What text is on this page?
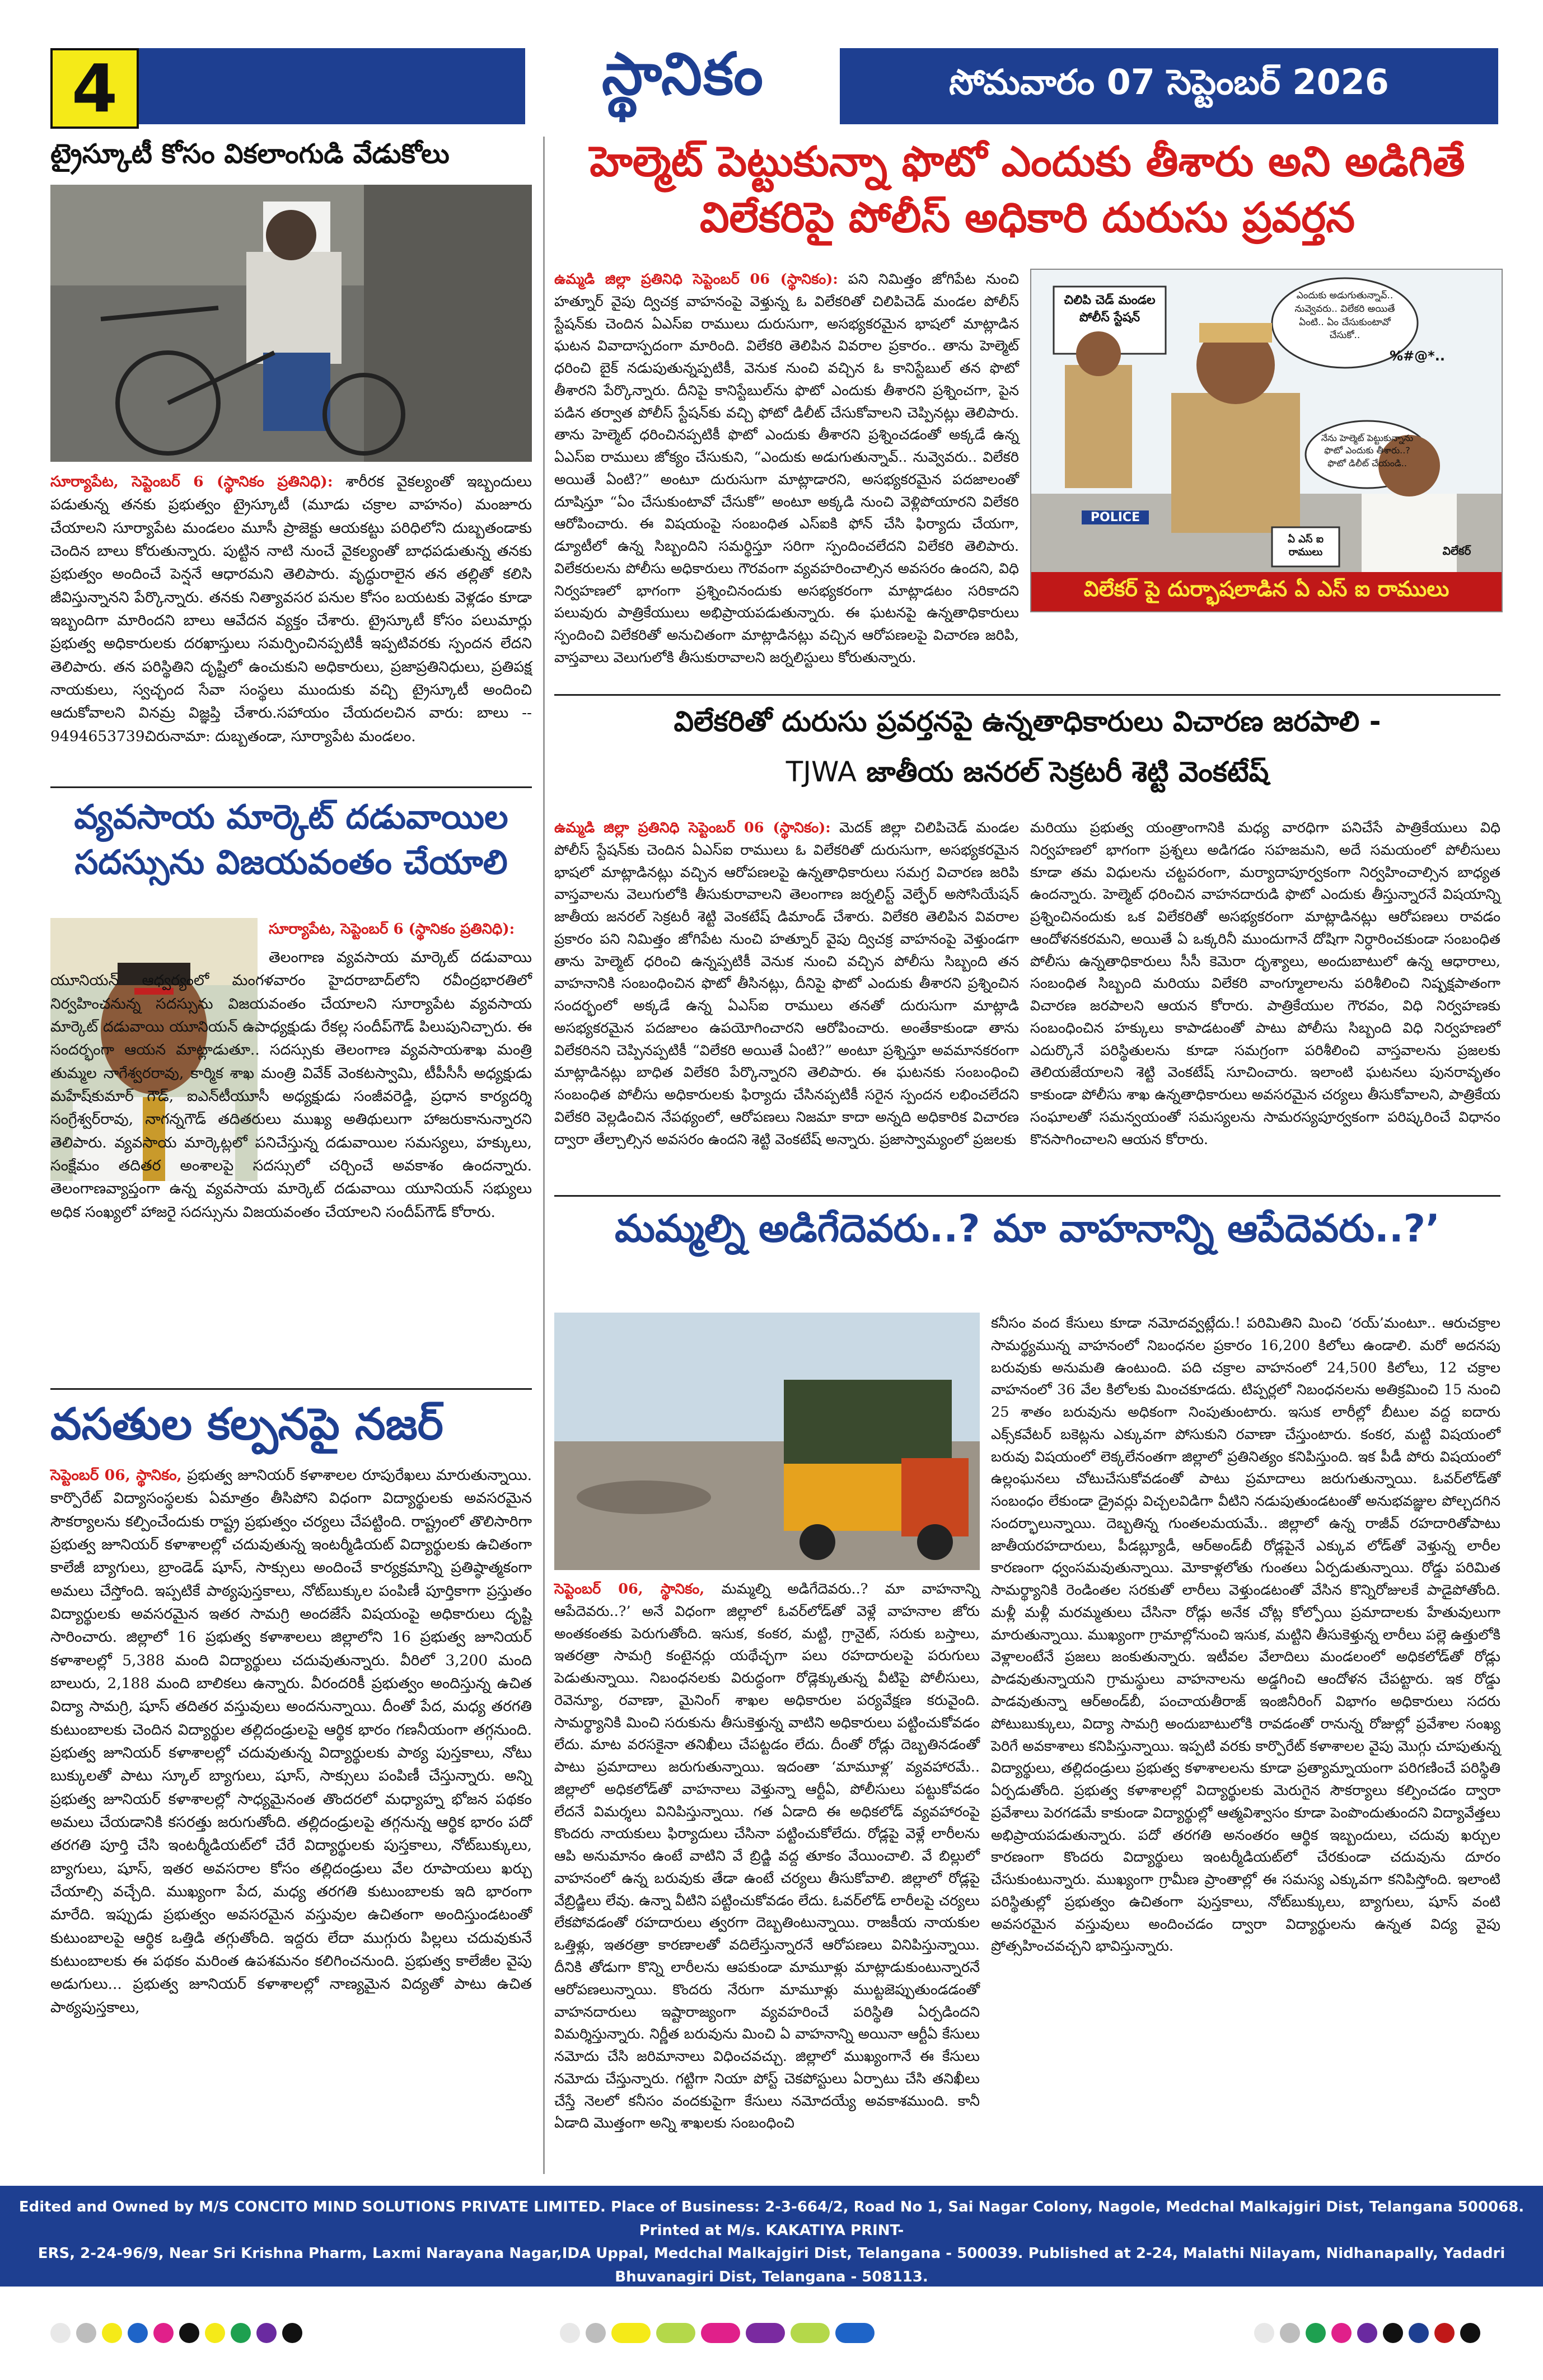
4	స్థానికం	సోమవారం 07 సెప్టెంబర్ 2026
ట్రైస్కూటీ కోసం వికలాంగుడి వేడుకోలు
సూర్యాపేట, సెప్టెంబర్ 6 (స్థానికం ప్రతినిధి): శారీరక వైకల్యంతో ఇబ్బందులు పడుతున్న తనకు ప్రభుత్వం ట్రైస్కూటీ (మూడు చక్రాల వాహనం) మంజూరు చేయాలని సూర్యాపేట మండలం మూసీ ప్రాజెక్టు ఆయకట్టు పరిధిలోని దుబ్బతండాకు చెందిన బాలు కోరుతున్నారు. పుట్టిన నాటి నుంచే వైకల్యంతో బాధపడుతున్న తనకు ప్రభుత్వం అందించే పెన్షనే ఆధారమని తెలిపారు. వృద్ధురాలైన తన తల్లితో కలిసి జీవిస్తున్నానని పేర్కొన్నారు. తనకు నిత్యావసర పనుల కోసం బయటకు వెళ్లడం కూడా ఇబ్బందిగా మారిందని బాలు ఆవేదన వ్యక్తం చేశారు. ట్రైస్కూటీ కోసం పలుమార్లు ప్రభుత్వ అధికారులకు దరఖాస్తులు సమర్పించినప్పటికీ ఇప్పటివరకు స్పందన లేదని తెలిపారు. తన పరిస్థితిని దృష్టిలో ఉంచుకుని అధికారులు, ప్రజాప్రతినిధులు, ప్రతిపక్ష నాయకులు, స్వచ్ఛంద సేవా సంస్థలు ముందుకు వచ్చి ట్రైస్కూటీ అందించి ఆదుకోవాలని వినమ్ర విజ్ఞప్తి చేశారు.సహాయం చేయదలచిన వారు: బాలు -- 9494653739చిరునామా: దుబ్బతండా, సూర్యాపేట మండలం.
వ్యవసాయ మార్కెట్ దడువాయిల సదస్సును విజయవంతం చేయాలి
సూర్యాపేట, సెప్టెంబర్ 6 (స్థానికం ప్రతినిధి):
తెలంగాణ వ్యవసాయ మార్కెట్ దడువాయి యూనియన్ ఆధ్వర్యంలో మంగళవారం హైదరాబాద్‌లోని రవీంద్రభారతిలో నిర్వహించనున్న సదస్సును విజయవంతం చేయాలని సూర్యాపేట వ్యవసాయ మార్కెట్ దడువాయి యూనియన్ ఉపాధ్యక్షుడు రేకల్ల సందీప్‌గౌడ్ పిలుపునిచ్చారు. ఈ సందర్భంగా ఆయన మాట్లాడుతూ.. సదస్సుకు తెలంగాణ వ్యవసాయశాఖ మంత్రి తుమ్మల నాగేశ్వరరావు, కార్మిక శాఖ మంత్రి వివేక్ వెంకటస్వామి, టీపీసీసీ అధ్యక్షుడు మహేష్‌కుమార్ గౌడ్, ఐఎన్‌టీయూసీ అధ్యక్షుడు సంజీవరెడ్డి, ప్రధాన కార్యదర్శి సంగ్రేశ్వర్‌రావు, నాగన్నగౌడ్ తదితరులు ముఖ్య అతిథులుగా హాజరుకానున్నారని తెలిపారు. వ్యవసాయ మార్కెట్లలో పనిచేస్తున్న దడువాయిల సమస్యలు, హక్కులు, సంక్షేమం తదితర అంశాలపై సదస్సులో చర్చించే అవకాశం ఉందన్నారు. తెలంగాణవ్యాప్తంగా ఉన్న వ్యవసాయ మార్కెట్ దడువాయి యూనియన్ సభ్యులు అధిక సంఖ్యలో హాజరై సదస్సును విజయవంతం చేయాలని సందీప్‌గౌడ్ కోరారు.
వసతుల కల్పనపై నజర్
సెప్టెంబర్ 06, స్థానికం, ప్రభుత్వ జూనియర్ కళాశాలల రూపురేఖలు మారుతున్నాయి. కార్పొరేట్ విద్యాసంస్థలకు ఏమాత్రం తీసిపోని విధంగా విద్యార్థులకు అవసరమైన సౌకర్యాలను కల్పించేందుకు రాష్ట్ర ప్రభుత్వం చర్యలు చేపట్టింది. రాష్ట్రంలో తొలిసారిగా ప్రభుత్వ జూనియర్ కళాశాలల్లో చదువుతున్న ఇంటర్మీడియట్ విద్యార్థులకు ఉచితంగా కాలేజీ బ్యాగులు, బ్రాండెడ్ షూస్, సాక్సులు అందించే కార్యక్రమాన్ని ప్రతిష్ఠాత్మకంగా అమలు చేస్తోంది. ఇప్పటికే పాఠ్యపుస్తకాలు, నోట్‌బుక్కుల పంపిణీ పూర్తికాగా ప్రస్తుతం విద్యార్థులకు అవసరమైన ఇతర సామగ్రి అందజేసే విషయంపై అధికారులు దృష్టి సారించారు. జిల్లాలో 16 ప్రభుత్వ కళాశాలలు జిల్లాలోని 16 ప్రభుత్వ జూనియర్ కళాశాలల్లో 5,388 మంది విద్యార్థులు చదువుతున్నారు. వీరిలో 3,200 మంది బాలురు, 2,188 మంది బాలికలు ఉన్నారు. వీరందరికీ ప్రభుత్వం అందిస్తున్న ఉచిత విద్యా సామగ్రి, షూస్ తదితర వస్తువులు అందనున్నాయి. దీంతో పేద, మధ్య తరగతి కుటుంబాలకు చెందిన విద్యార్థుల తల్లిదండ్రులపై ఆర్థిక భారం గణనీయంగా తగ్గనుంది. ప్రభుత్వ జూనియర్ కళాశాలల్లో చదువుతున్న విద్యార్థులకు పాఠ్య పుస్తకాలు, నోటు బుక్కులతో పాటు స్కూల్ బ్యాగులు, షూస్, సాక్సులు పంపిణీ చేస్తున్నారు. అన్ని ప్రభుత్వ జూనియర్ కళాశాలల్లో సాధ్యమైనంత తొందరలో మధ్యాహ్న భోజన పథకం అమలు చేయడానికి కసరత్తు జరుగుతోంది. తల్లిదండ్రులపై తగ్గనున్న ఆర్థిక భారం పదో తరగతి పూర్తి చేసి ఇంటర్మీడియట్‌లో చేరే విద్యార్థులకు పుస్తకాలు, నోట్‌బుక్కులు, బ్యాగులు, షూస్, ఇతర అవసరాల కోసం తల్లిదండ్రులు వేల రూపాయలు ఖర్చు చేయాల్సి వచ్చేది. ముఖ్యంగా పేద, మధ్య తరగతి కుటుంబాలకు ఇది భారంగా మారేది. ఇప్పుడు ప్రభుత్వం అవసరమైన వస్తువుల ఉచితంగా అందిస్తుండటంతో కుటుంబాలపై ఆర్థిక ఒత్తిడి తగ్గుతోంది. ఇద్దరు లేదా ముగ్గురు పిల్లలు చదువుకునే కుటుంబాలకు ఈ పథకం మరింత ఉపశమనం కలిగించనుంది. ప్రభుత్వ కాలేజీల వైపు అడుగులు... ప్రభుత్వ జూనియర్ కళాశాలల్లో నాణ్యమైన విద్యతో పాటు ఉచిత పాఠ్యపుస్తకాలు,
హెల్మెట్ పెట్టుకున్నా ఫొటో ఎందుకు తీశారు అని అడిగితే విలేకరిపై పోలీస్ అధికారి దురుసు ప్రవర్తన
ఉమ్మడి జిల్లా ప్రతినిధి సెప్టెంబర్ 06 (స్థానికం): పని నిమిత్తం జోగిపేట నుంచి హత్నూర్ వైపు ద్విచక్ర వాహనంపై వెళ్తున్న ఓ విలేకరితో చిలిపిచెడ్ మండల పోలీస్ స్టేషన్‌కు చెందిన ఏఎస్ఐ రాములు దురుసుగా, అసభ్యకరమైన భాషలో మాట్లాడిన ఘటన వివాదాస్పదంగా మారింది. విలేకరి తెలిపిన వివరాల ప్రకారం.. తాను హెల్మెట్ ధరించి బైక్ నడుపుతున్నప్పటికీ, వెనుక నుంచి వచ్చిన ఓ కానిస్టేబుల్ తన ఫొటో తీశారని పేర్కొన్నారు. దీనిపై కానిస్టేబుల్‌ను ఫొటో ఎందుకు తీశారని ప్రశ్నించగా, పైన పడిన తర్వాత పోలీస్ స్టేషన్‌కు వచ్చి ఫోటో డిలీట్ చేసుకోవాలని చెప్పినట్లు తెలిపారు. తాను హెల్మెట్ ధరించినప్పటికీ ఫొటో ఎందుకు తీశారని ప్రశ్నించడంతో అక్కడే ఉన్న ఏఎస్ఐ రాములు జోక్యం చేసుకుని, “ఎందుకు అడుగుతున్నావ్.. నువ్వెవరు.. విలేకరి అయితే ఏంటి?” అంటూ దురుసుగా మాట్లాడారని, అసభ్యకరమైన పదజాలంతో దూషిస్తూ “ఏం చేసుకుంటావో చేసుకో” అంటూ అక్కడి నుంచి వెళ్లిపోయారని విలేకరి ఆరోపించారు. ఈ విషయంపై సంబంధిత ఎస్ఐకి ఫోన్ చేసి ఫిర్యాదు చేయగా, డ్యూటీలో ఉన్న సిబ్బందిని సమర్థిస్తూ సరిగా స్పందించలేదని విలేకరి తెలిపారు. విలేకరులను పోలీసు అధికారులు గౌరవంగా వ్యవహరించాల్సిన అవసరం ఉందని, విధి నిర్వహణలో భాగంగా ప్రశ్నించినందుకు అసభ్యకరంగా మాట్లాడటం సరికాదని పలువురు పాత్రికేయులు అభిప్రాయపడుతున్నారు. ఈ ఘటనపై ఉన్నతాధికారులు స్పందించి విలేకరితో అనుచితంగా మాట్లాడినట్లు వచ్చిన ఆరోపణలపై విచారణ జరిపి, వాస్తవాలు వెలుగులోకి తీసుకురావాలని జర్నలిస్టులు కోరుతున్నారు.
చిలిపి చెడ్ మండల పోలీస్ స్టేషన్
ఎందుకు అడుగుతున్నావ్.. నువ్వెవరు.. విలేకరి అయితే ఏంటి.. ఏం చేసుకుంటావో చేసుకో..
%#@*..
నేను హెల్మెట్ పెట్టుకున్నాను ఫొటో ఎందుకు తీశారు..? ఫొటో డిలీట్ చేయండి..
POLICE
ఏ ఎస్ ఐ రాములు	విలేకర్
విలేకర్ పై దుర్భాషలాడిన ఏ ఎస్ ఐ రాములు
విలేకరితో దురుసు ప్రవర్తనపై ఉన్నతాధికారులు విచారణ జరపాలి -
TJWA జాతీయ జనరల్ సెక్రటరీ శెట్టి వెంకటేష్
ఉమ్మడి జిల్లా ప్రతినిధి సెప్టెంబర్ 06 (స్థానికం): మెదక్ జిల్లా చిలిపిచెడ్ మండల పోలీస్ స్టేషన్‌కు చెందిన ఏఎస్ఐ రాములు ఓ విలేకరితో దురుసుగా, అసభ్యకరమైన భాషలో మాట్లాడినట్లు వచ్చిన ఆరోపణలపై ఉన్నతాధికారులు సమగ్ర విచారణ జరిపి వాస్తవాలను వెలుగులోకి తీసుకురావాలని తెలంగాణ జర్నలిస్ట్ వెల్ఫేర్ అసోసియేషన్ జాతీయ జనరల్ సెక్రటరీ శెట్టి వెంకటేష్ డిమాండ్ చేశారు. విలేకరి తెలిపిన వివరాల ప్రకారం పని నిమిత్తం జోగిపేట నుంచి హత్నూర్ వైపు ద్విచక్ర వాహనంపై వెళ్తుండగా తాను హెల్మెట్ ధరించి ఉన్నప్పటికీ వెనుక నుంచి వచ్చిన పోలీసు సిబ్బంది తన వాహనానికి సంబంధించిన ఫొటో తీసినట్లు, దీనిపై ఫొటో ఎందుకు తీశారని ప్రశ్నించిన సందర్భంలో అక్కడే ఉన్న ఏఎస్ఐ రాములు తనతో దురుసుగా మాట్లాడి అసభ్యకరమైన పదజాలం ఉపయోగించారని ఆరోపించారు. అంతేకాకుండా తాను విలేకరినని చెప్పినప్పటికీ “విలేకరి అయితే ఏంటి?” అంటూ ప్రశ్నిస్తూ అవమానకరంగా మాట్లాడినట్లు బాధిత విలేకరి పేర్కొన్నారని తెలిపారు. ఈ ఘటనకు సంబంధించి సంబంధిత పోలీసు అధికారులకు ఫిర్యాదు చేసినప్పటికీ సరైన స్పందన లభించలేదని విలేకరి వెల్లడించిన నేపథ్యంలో, ఆరోపణలు నిజమా కాదా అన్నది అధికారిక విచారణ ద్వారా తేల్చాల్సిన అవసరం ఉందని శెట్టి వెంకటేష్ అన్నారు. ప్రజాస్వామ్యంలో ప్రజలకు
మరియు ప్రభుత్వ యంత్రాంగానికి మధ్య వారధిగా పనిచేసే పాత్రికేయులు విధి నిర్వహణలో భాగంగా ప్రశ్నలు అడిగడం సహజమని, అదే సమయంలో పోలీసులు కూడా తమ విధులను చట్టపరంగా, మర్యాదాపూర్వకంగా నిర్వహించాల్సిన బాధ్యత ఉందన్నారు. హెల్మెట్ ధరించిన వాహనదారుడి ఫొటో ఎందుకు తీస్తున్నారనే విషయాన్ని ప్రశ్నించినందుకు ఒక విలేకరితో అసభ్యకరంగా మాట్లాడినట్లు ఆరోపణలు రావడం ఆందోళనకరమని, అయితే ఏ ఒక్కరినీ ముందుగానే దోషిగా నిర్ధారించకుండా సంబంధిత పోలీసు ఉన్నతాధికారులు సీసీ కెమెరా దృశ్యాలు, అందుబాటులో ఉన్న ఆధారాలు, సంబంధిత సిబ్బంది మరియు విలేకరి వాంగ్మూలాలను పరిశీలించి నిష్పక్షపాతంగా విచారణ జరపాలని ఆయన కోరారు. పాత్రికేయుల గౌరవం, విధి నిర్వహణకు సంబంధించిన హక్కులు కాపాడటంతో పాటు పోలీసు సిబ్బంది విధి నిర్వహణలో ఎదుర్కొనే పరిస్థితులను కూడా సమగ్రంగా పరిశీలించి వాస్తవాలను ప్రజలకు తెలియజేయాలని శెట్టి వెంకటేష్ సూచించారు. ఇలాంటి ఘటనలు పునరావృతం కాకుండా పోలీసు శాఖ ఉన్నతాధికారులు అవసరమైన చర్యలు తీసుకోవాలని, పాత్రికేయ సంఘాలతో సమన్వయంతో సమస్యలను సామరస్యపూర్వకంగా పరిష్కరించే విధానం కొనసాగించాలని ఆయన కోరారు.
మమ్మల్ని అడిగేదెవరు..? మా వాహనాన్ని ఆపేదెవరు..?’
సెప్టెంబర్ 06, స్థానికం, మమ్మల్ని అడిగేదెవరు..? మా వాహనాన్ని ఆపేదెవరు..?’ అనే విధంగా జిల్లాలో ఓవర్‌లోడ్‌తో వెళ్లే వాహనాల జోరు అంతకంతకు పెరుగుతోంది. ఇసుక, కంకర, మట్టి, గ్రానైట్, సరుకు బస్తాలు, ఇతరత్రా సామగ్రి కంటైనర్లు యథేచ్ఛగా పలు రహదారులపై పరుగులు పెడుతున్నాయి. నిబంధనలకు విరుద్ధంగా రోడ్లెక్కుతున్న వీటిపై పోలీసులు, రెవెన్యూ, రవాణా, మైనింగ్ శాఖల అధికారుల పర్యవేక్షణ కరువైంది. సామర్థ్యానికి మించి సరుకును తీసుకెళ్తున్న వాటిని అధికారులు పట్టించుకోవడం లేదు. మాట వరసకైనా తనిఖీలు చేపట్టడం లేదు. దీంతో రోడ్లు దెబ్బతినడంతో పాటు ప్రమాదాలు జరుగుతున్నాయి. ఇదంతా ‘మామూళ్ల’ వ్యవహారమే.. జిల్లాలో అధికలోడ్‌తో వాహనాలు వెళ్తున్నా ఆర్టీఏ, పోలీసులు పట్టుకోవడం లేదనే విమర్శలు వినిపిస్తున్నాయి. గత ఏడాది ఈ అధికలోడ్ వ్యవహారంపై కొందరు నాయకులు ఫిర్యాదులు చేసినా పట్టించుకోలేదు. రోడ్లపై వెళ్లే లారీలను ఆపి అనుమానం ఉంటే వాటిని వే బ్రిడ్జి వద్ద తూకం వేయించాలి. వే బిల్లులో వాహనంలో ఉన్న బరువుకు తేడా ఉంటే చర్యలు తీసుకోవాలి. జిల్లాలో రోడ్లపై వేబ్రిడ్జిలు లేవు. ఉన్నా వీటిని పట్టించుకోవడం లేదు. ఓవర్‌లోడ్ లారీలపై చర్యలు లేకపోవడంతో రహదారులు త్వరగా దెబ్బతింటున్నాయి. రాజకీయ నాయకుల ఒత్తిళ్లు, ఇతరత్రా కారణాలతో వదిలేస్తున్నారనే ఆరోపణలు వినిపిస్తున్నాయి. దీనికి తోడుగా కొన్ని లారీలను ఆపకుండా మామూళ్లు మాట్లాడుకుంటున్నారనే ఆరోపణలున్నాయి. కొందరు నేరుగా మామూళ్లు ముట్టజెప్పుతుండడంతో వాహనదారులు ఇష్టారాజ్యంగా వ్యవహరించే పరిస్థితి ఏర్పడిందని విమర్శిస్తున్నారు. నిర్ణీత బరువును మించి ఏ వాహనాన్ని అయినా ఆర్టీఏ కేసులు నమోదు చేసి జరిమానాలు విధించవచ్చు. జిల్లాలో ముఖ్యంగానే ఈ కేసులు నమోదు చేస్తున్నారు. గట్టిగా నియా పోస్ట్ చెకపోస్టులు ఏర్పాటు చేసి తనిఖీలు చేస్తే నెలలో కనీసం వందకుపైగా కేసులు నమోదయ్యే అవకాశముంది. కానీ ఏడాది మొత్తంగా అన్ని శాఖలకు సంబంధించి
కనీసం వంద కేసులు కూడా నమోదవ్వట్లేదు.! పరిమితిని మించి ‘రయ్’మంటూ.. ఆరుచక్రాల సామర్థ్యమున్న వాహనంలో నిబంధనల ప్రకారం 16,200 కిలోలు ఉండాలి. మరో అదనపు బరువుకు అనుమతి ఉంటుంది. పది చక్రాల వాహనంలో 24,500 కిలోలు, 12 చక్రాల వాహనంలో 36 వేల కిలోలకు మించకూడదు. టిప్పర్లలో నిబంధనలను అతిక్రమించి 15 నుంచి 25 శాతం బరువును అధికంగా నింపుతుంటారు. ఇసుక లారీల్లో బీటుల వద్ద ఐదారు ఎక్స్‌కవేటర్ బకెట్లను ఎక్కువగా పోసుకుని రవాణా చేస్తుంటారు. కంకర, మట్టి విషయంలో బరువు విషయంలో లెక్కలేనంతగా జిల్లాలో ప్రతినిత్యం కనిపిస్తుంది. ఇక పీడీ పోరు విషయంలో ఉల్లంఘనలు చోటుచేసుకోవడంతో పాటు ప్రమాదాలు జరుగుతున్నాయి. ఓవర్‌లోడ్‌తో సంబంధం లేకుండా డ్రైవర్లు విచ్చలవిడిగా వీటిని నడుపుతుండటంతో అనుభవజ్ఞుల పోల్చదగిన సందర్భాలున్నాయి. దెబ్బతిన్న గుంతలమయమే.. జిల్లాలో ఉన్న రాజీవ్ రహదారితోపాటు జాతీయరహదారులు, పీడబ్ల్యూడీ, ఆర్‌అండ్‌బీ రోడ్లపైనే ఎక్కువ లోడ్‌తో వెళ్తున్న లారీల కారణంగా ధ్వంసమవుతున్నాయి. మోకాళ్లలోతు గుంతలు ఏర్పడుతున్నాయి. రోడ్డు పరిమిత సామర్థ్యానికి రెండింతల సరకుతో లారీలు వెళ్తుండటంతో వేసిన కొన్నిరోజులకే పాడైపోతోంది. మళ్లీ మళ్లీ మరమ్మతులు చేసినా రోడ్లు అనేక చోట్ల కోల్పోయి ప్రమాదాలకు హేతువులుగా మారుతున్నాయి. ముఖ్యంగా గ్రామాల్లోనుంచి ఇసుక, మట్టిని తీసుకెళ్తున్న లారీలు పల్లె ఉత్తులోకి వెళ్లాలంటేనే ప్రజలు జంకుతున్నారు. ఇటీవల వేలాదిలు మండలంలో అధికలోడ్‌తో రోడ్లు పాడవుతున్నాయని గ్రామస్థులు వాహనాలను అడ్డగించి ఆందోళన చేపట్టారు. ఇక రోడ్డు పాడవుతున్నా ఆర్‌అండ్‌బీ, పంచాయతీరాజ్ ఇంజినీరింగ్ విభాగం అధికారులు సదరు పోటుబుక్కులు, విద్యా సామగ్రి అందుబాటులోకి రావడంతో రానున్న రోజుల్లో ప్రవేశాల సంఖ్య పెరిగే అవకాశాలు కనిపిస్తున్నాయి. ఇప్పటి వరకు కార్పొరేట్ కళాశాలల వైపు మొగ్గు చూపుతున్న విద్యార్థులు, తల్లిదండ్రులు ప్రభుత్వ కళాశాలలను కూడా ప్రత్యామ్నాయంగా పరిగణించే పరిస్థితి ఏర్పడుతోంది. ప్రభుత్వ కళాశాలల్లో విద్యార్థులకు మెరుగైన సౌకర్యాలు కల్పించడం ద్వారా ప్రవేశాలు పెరగడమే కాకుండా విద్యార్థుల్లో ఆత్మవిశ్వాసం కూడా పెంపొందుతుందని విద్యావేత్తలు అభిప్రాయపడుతున్నారు. పదో తరగతి అనంతరం ఆర్థిక ఇబ్బందులు, చదువు ఖర్చుల కారణంగా కొందరు విద్యార్థులు ఇంటర్మీడియట్‌లో చేరకుండా చదువును దూరం చేసుకుంటున్నారు. ముఖ్యంగా గ్రామీణ ప్రాంతాల్లో ఈ సమస్య ఎక్కువగా కనిపిస్తోంది. ఇలాంటి పరిస్థితుల్లో ప్రభుత్వం ఉచితంగా పుస్తకాలు, నోట్‌బుక్కులు, బ్యాగులు, షూస్ వంటి అవసరమైన వస్తువులు అందించడం ద్వారా విద్యార్థులను ఉన్నత విద్య వైపు ప్రోత్సహించవచ్చని భావిస్తున్నారు.
Edited and Owned by M/S CONCITO MIND SOLUTIONS PRIVATE LIMITED. Place of Business: 2-3-664/2, Road No 1, Sai Nagar Colony, Nagole, Medchal Malkajgiri Dist, Telangana 500068. Printed at M/s. KAKATIYA PRINT-
ERS, 2-24-96/9, Near Sri Krishna Pharm, Laxmi Narayana Nagar,IDA Uppal, Medchal Malkajgiri Dist, Telangana - 500039. Published at 2-24, Malathi Nilayam, Nidhanapally, Yadadri Bhuvanagiri Dist, Telangana - 508113.
Editor, Printed and Published by Dr.KONDA MALLESHAM GOUD, Phone Number : 9000350446, Registration No: TGTEL/26/A4419
